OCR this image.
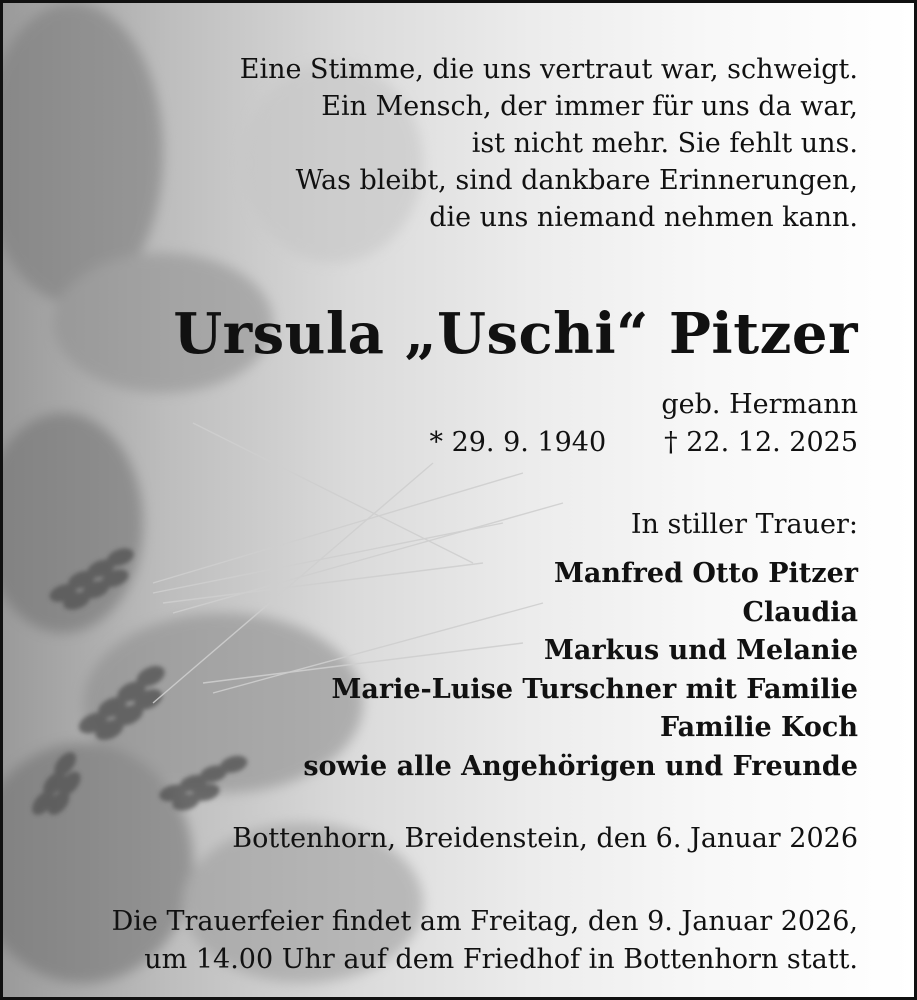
Eine Stimme, die uns vertraut war, schweigt.
Ein Mensch, der immer für uns da war,
ist nicht mehr. Sie fehlt uns.
Was bleibt, sind dankbare Erinnerungen,
die uns niemand nehmen kann.
Ursula „Uschi“ Pitzer
geb. Hermann
* 29. 9. 1940 † 22. 12. 2025
In stiller Trauer:
Manfred Otto Pitzer
Claudia
Markus und Melanie
Marie-Luise Turschner mit Familie
Familie Koch
sowie alle Angehörigen und Freunde
Bottenhorn, Breidenstein, den 6. Januar 2026
Die Trauerfeier findet am Freitag, den 9. Januar 2026,
um 14.00 Uhr auf dem Friedhof in Bottenhorn statt.
